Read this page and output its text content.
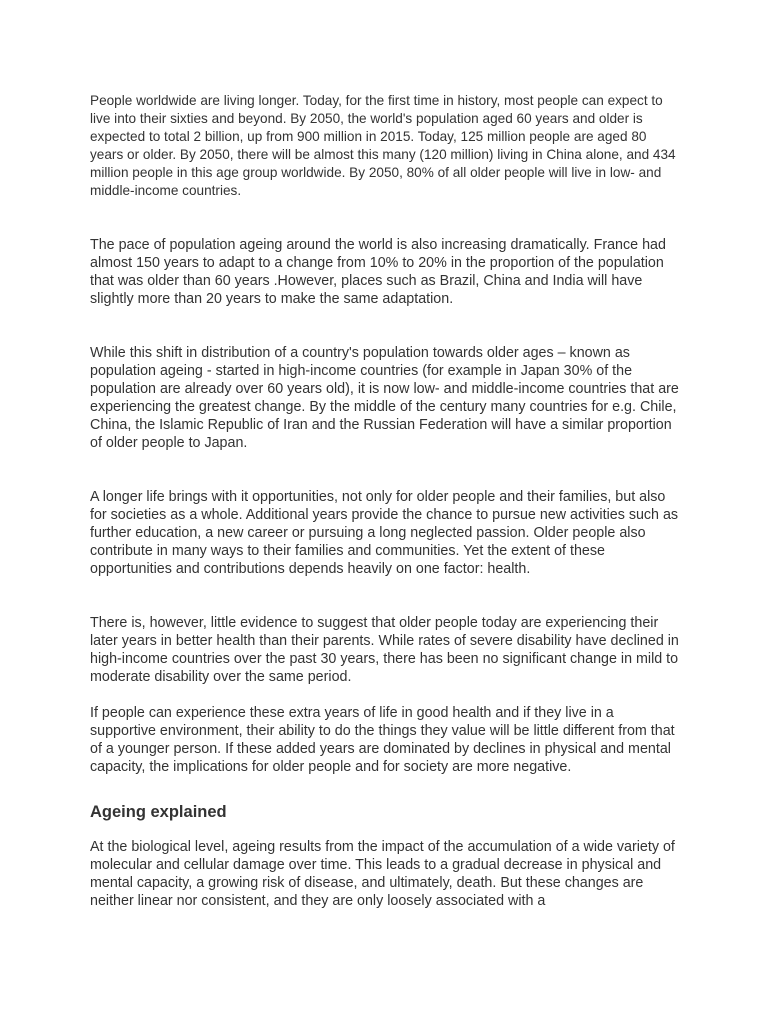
People worldwide are living longer. Today, for the first time in history, most people can expect to live into their sixties and beyond. By 2050, the world's population aged 60 years and older is expected to total 2 billion, up from 900 million in 2015. Today, 125 million people are aged 80 years or older. By 2050, there will be almost this many (120 million) living in China alone, and 434 million people in this age group worldwide. By 2050, 80% of all older people will live in low- and middle-income countries.

The pace of population ageing around the world is also increasing dramatically. France had almost 150 years to adapt to a change from 10% to 20% in the proportion of the population that was older than 60 years .However, places such as Brazil, China and India will have slightly more than 20 years to make the same adaptation.

While this shift in distribution of a country's population towards older ages – known as population ageing - started in high-income countries (for example in Japan 30% of the population are already over 60 years old), it is now low- and middle-income countries that are experiencing the greatest change. By the middle of the century many countries for e.g. Chile, China, the Islamic Republic of Iran and the Russian Federation will have a similar proportion of older people to Japan.

A longer life brings with it opportunities, not only for older people and their families, but also for societies as a whole. Additional years provide the chance to pursue new activities such as further education, a new career or pursuing a long neglected passion. Older people also contribute in many ways to their families and communities. Yet the extent of these opportunities and contributions depends heavily on one factor: health.

There is, however, little evidence to suggest that older people today are experiencing their later years in better health than their parents. While rates of severe disability have declined in high-income countries over the past 30 years, there has been no significant change in mild to moderate disability over the same period.

If people can experience these extra years of life in good health and if they live in a supportive environment, their ability to do the things they value will be little different from that of a younger person. If these added years are dominated by declines in physical and mental capacity, the implications for older people and for society are more negative.

Ageing explained

At the biological level, ageing results from the impact of the accumulation of a wide variety of molecular and cellular damage over time. This leads to a gradual decrease in physical and mental capacity, a growing risk of disease, and ultimately, death. But these changes are neither linear nor consistent, and they are only loosely associated with a
